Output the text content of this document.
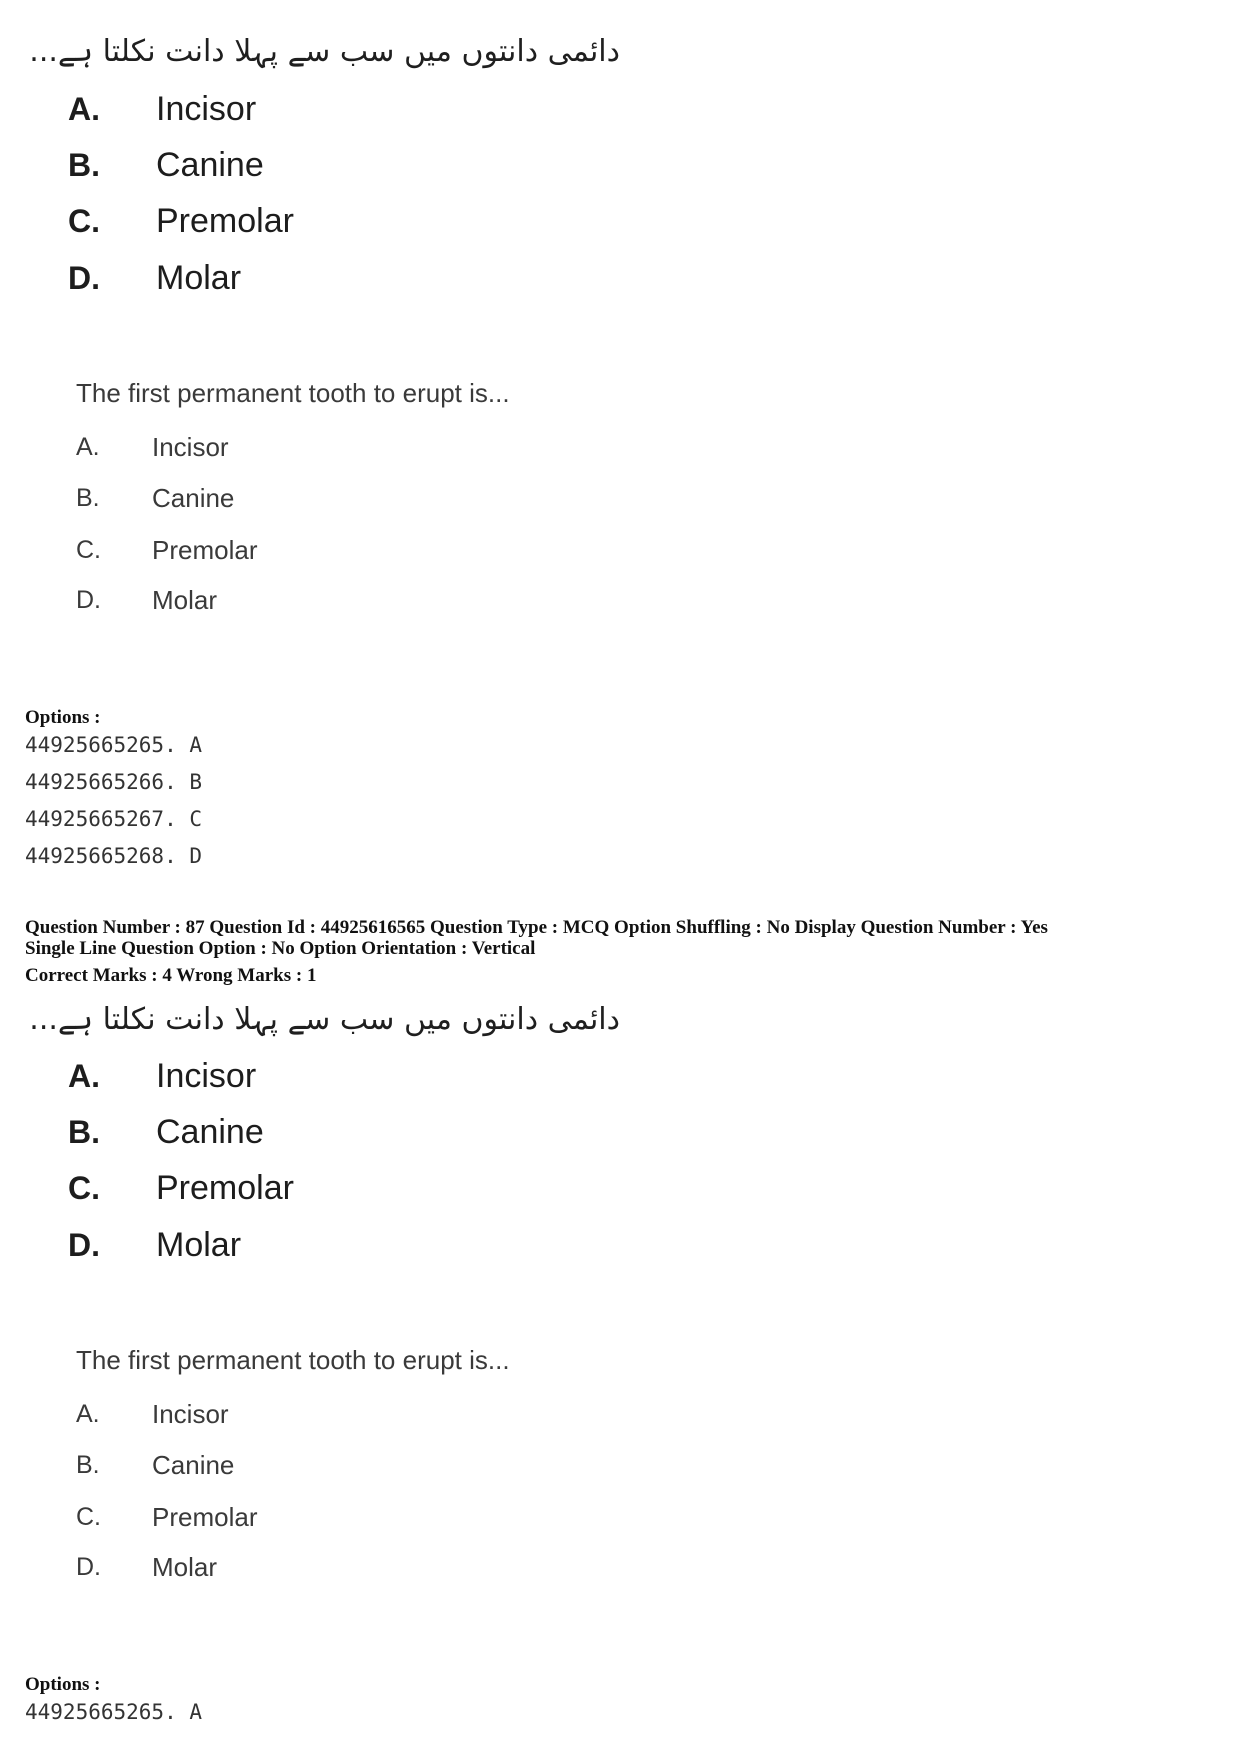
دائمی دانتوں میں سب سے پہلا دانت نکلتا ہے...
A. Incisor
B. Canine
C. Premolar
D. Molar
The first permanent tooth to erupt is...
A. Incisor
B. Canine
C. Premolar
D. Molar
Options :
44925665265. A
44925665266. B
44925665267. C
44925665268. D
Question Number : 87 Question Id : 44925616565 Question Type : MCQ Option Shuffling : No Display Question Number : Yes
Single Line Question Option : No Option Orientation : Vertical
Correct Marks : 4 Wrong Marks : 1
دائمی دانتوں میں سب سے پہلا دانت نکلتا ہے...
A. Incisor
B. Canine
C. Premolar
D. Molar
The first permanent tooth to erupt is...
A. Incisor
B. Canine
C. Premolar
D. Molar
Options :
44925665265. A
